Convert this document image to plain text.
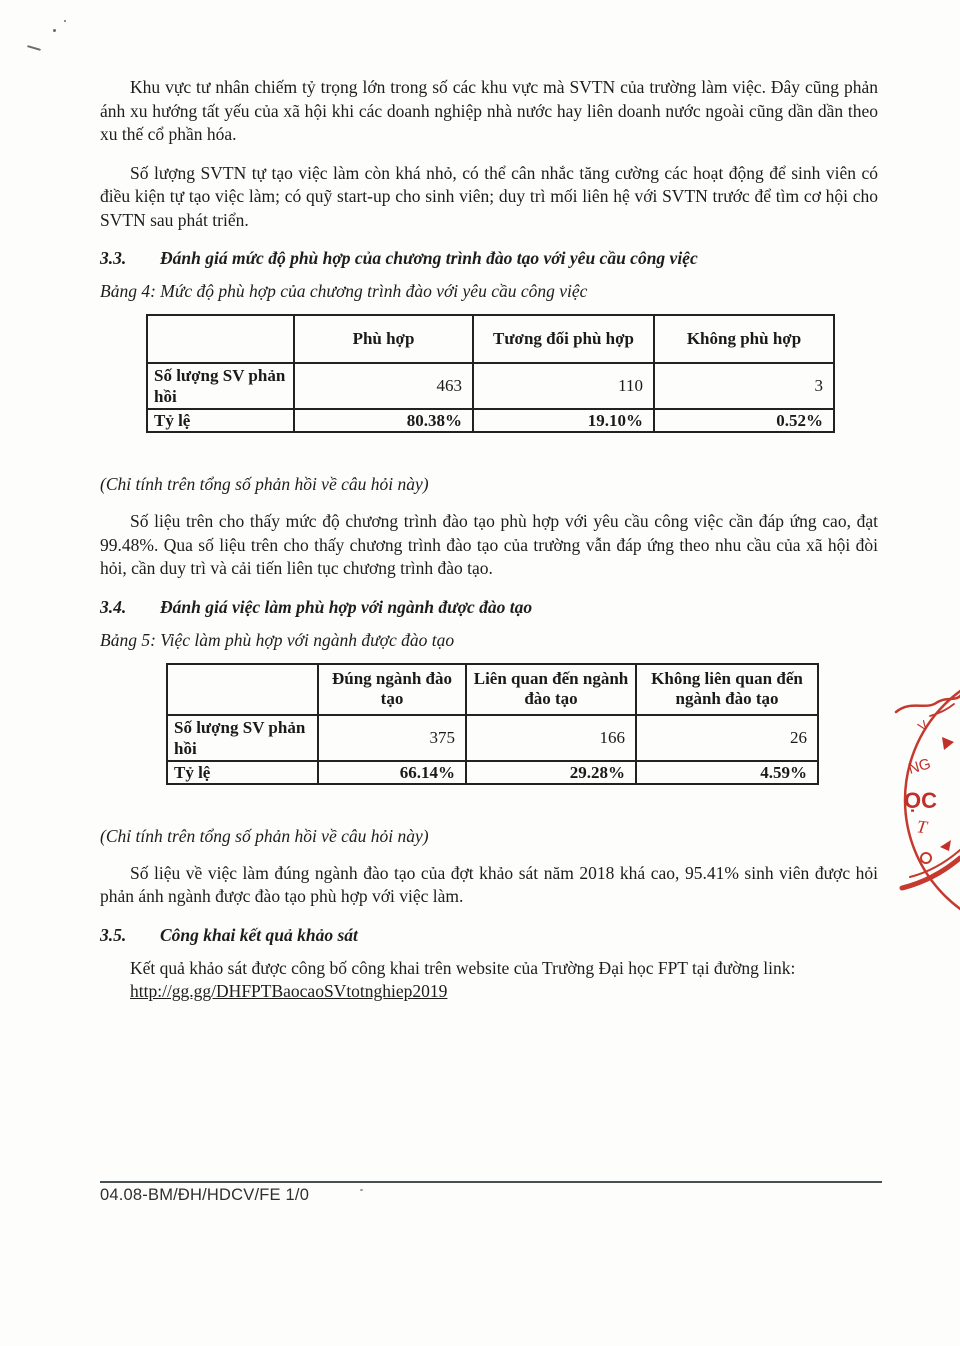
Khu vực tư nhân chiếm tỷ trọng lớn trong số các khu vực mà SVTN của trường làm việc. Đây cũng phản ánh xu hướng tất yếu của xã hội khi các doanh nghiệp nhà nước hay liên doanh nước ngoài cũng dần dần theo xu thế cổ phần hóa.

Số lượng SVTN tự tạo việc làm còn khá nhỏ, có thể cân nhắc tăng cường các hoạt động để sinh viên có điều kiện tự tạo việc làm; có quỹ start-up cho sinh viên; duy trì mối liên hệ với SVTN trước để tìm cơ hội cho SVTN sau phát triển.

3.3.	Đánh giá mức độ phù hợp của chương trình đào tạo với yêu cầu công việc
Bảng 4: Mức độ phù hợp của chương trình đào với yêu cầu công việc
	Phù hợp	Tương đối phù hợp	Không phù hợp
Số lượng SV phản hồi	463	110	3
Tỷ lệ	80.38%	19.10%	0.52%
(Chỉ tính trên tổng số phản hồi về câu hỏi này)

Số liệu trên cho thấy mức độ chương trình đào tạo phù hợp với yêu cầu công việc cần đáp ứng cao, đạt 99.48%. Qua số liệu trên cho thấy chương trình đào tạo của trường vẫn đáp ứng theo nhu cầu của xã hội đòi hỏi, cần duy trì và cải tiến liên tục chương trình đào tạo.

3.4.	Đánh giá việc làm phù hợp với ngành được đào tạo
Bảng 5: Việc làm phù hợp với ngành được đào tạo
	Đúng ngành đào tạo	Liên quan đến ngành đào tạo	Không liên quan đến ngành đào tạo
Số lượng SV phản hồi	375	166	26
Tỷ lệ	66.14%	29.28%	4.59%
(Chỉ tính trên tổng số phản hồi về câu hỏi này)

Số liệu về việc làm đúng ngành đào tạo của đợt khảo sát năm 2018 khá cao, 95.41% sinh viên được hỏi phản ánh ngành được đào tạo phù hợp với việc làm.

3.5.	Công khai kết quả khảo sát

Kết quả khảo sát được công bố công khai trên website của Trường Đại học FPT tại đường link:
http://gg.gg/DHFPTBaocaoSVtotnghiep2019

V
NG
ỌC
T
04.08-BM/ĐH/HDCV/FE 1/0
